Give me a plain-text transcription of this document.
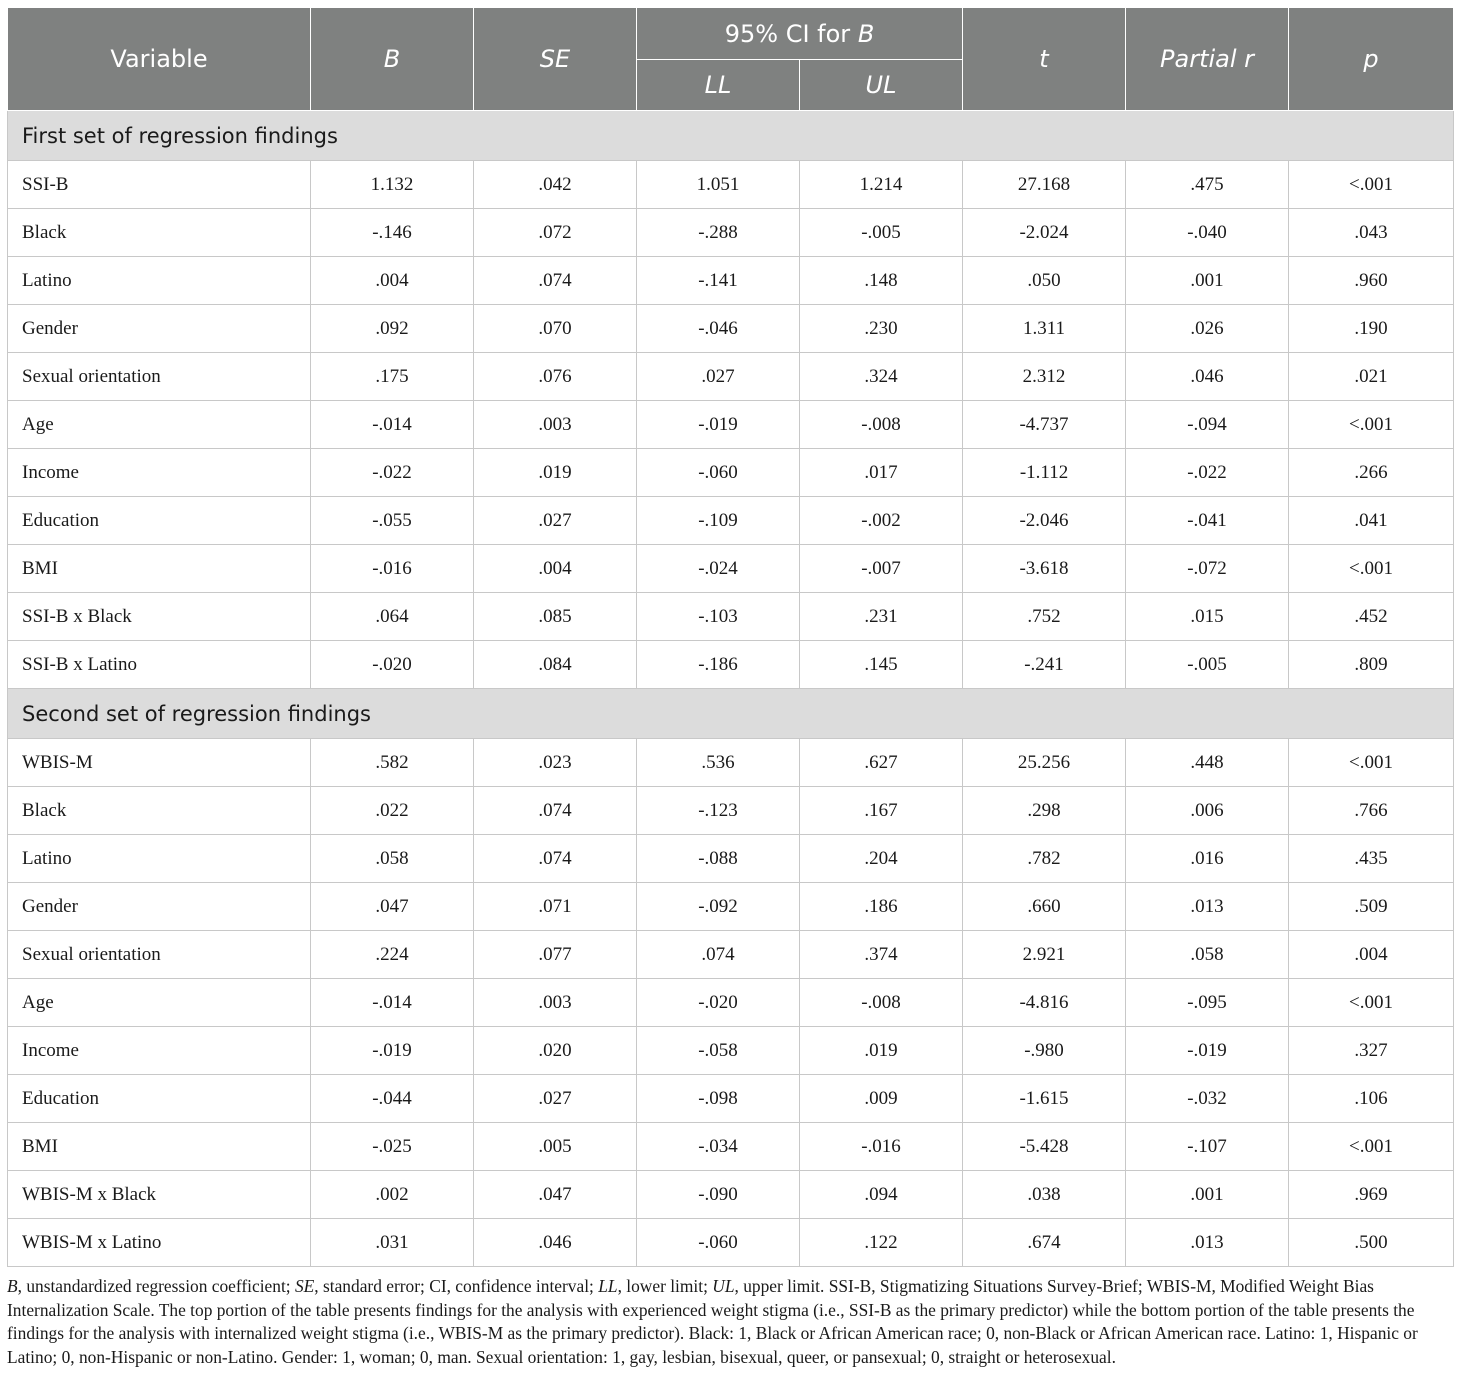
Variable	B	SE	95% CI for B		t	Partial r	p
			LL	UL			
First set of regression findings							
SSI-B	1.132	.042	1.051	1.214	27.168	.475	<.001
Black	-.146	.072	-.288	-.005	-2.024	-.040	.043
Latino	.004	.074	-.141	.148	.050	.001	.960
Gender	.092	.070	-.046	.230	1.311	.026	.190
Sexual orientation	.175	.076	.027	.324	2.312	.046	.021
Age	-.014	.003	-.019	-.008	-4.737	-.094	<.001
Income	-.022	.019	-.060	.017	-1.112	-.022	.266
Education	-.055	.027	-.109	-.002	-2.046	-.041	.041
BMI	-.016	.004	-.024	-.007	-3.618	-.072	<.001
SSI-B x Black	.064	.085	-.103	.231	.752	.015	.452
SSI-B x Latino	-.020	.084	-.186	.145	-.241	-.005	.809
Second set of regression findings							
WBIS-M	.582	.023	.536	.627	25.256	.448	<.001
Black	.022	.074	-.123	.167	.298	.006	.766
Latino	.058	.074	-.088	.204	.782	.016	.435
Gender	.047	.071	-.092	.186	.660	.013	.509
Sexual orientation	.224	.077	.074	.374	2.921	.058	.004
Age	-.014	.003	-.020	-.008	-4.816	-.095	<.001
Income	-.019	.020	-.058	.019	-.980	-.019	.327
Education	-.044	.027	-.098	.009	-1.615	-.032	.106
BMI	-.025	.005	-.034	-.016	-5.428	-.107	<.001
WBIS-M x Black	.002	.047	-.090	.094	.038	.001	.969
WBIS-M x Latino	.031	.046	-.060	.122	.674	.013	.500
B, unstandardized regression coefficient; SE, standard error; CI, confidence interval; LL, lower limit; UL, upper limit. SSI-B, Stigmatizing Situations Survey-Brief; WBIS-M, Modified Weight Bias Internalization Scale. The top portion of the table presents findings for the analysis with experienced weight stigma (i.e., SSI-B as the primary predictor) while the bottom portion of the table presents the findings for the analysis with internalized weight stigma (i.e., WBIS-M as the primary predictor). Black: 1, Black or African American race; 0, non-Black or African American race. Latino: 1, Hispanic or Latino; 0, non-Hispanic or non-Latino. Gender: 1, woman; 0, man. Sexual orientation: 1, gay, lesbian, bisexual, queer, or pansexual; 0, straight or heterosexual.
